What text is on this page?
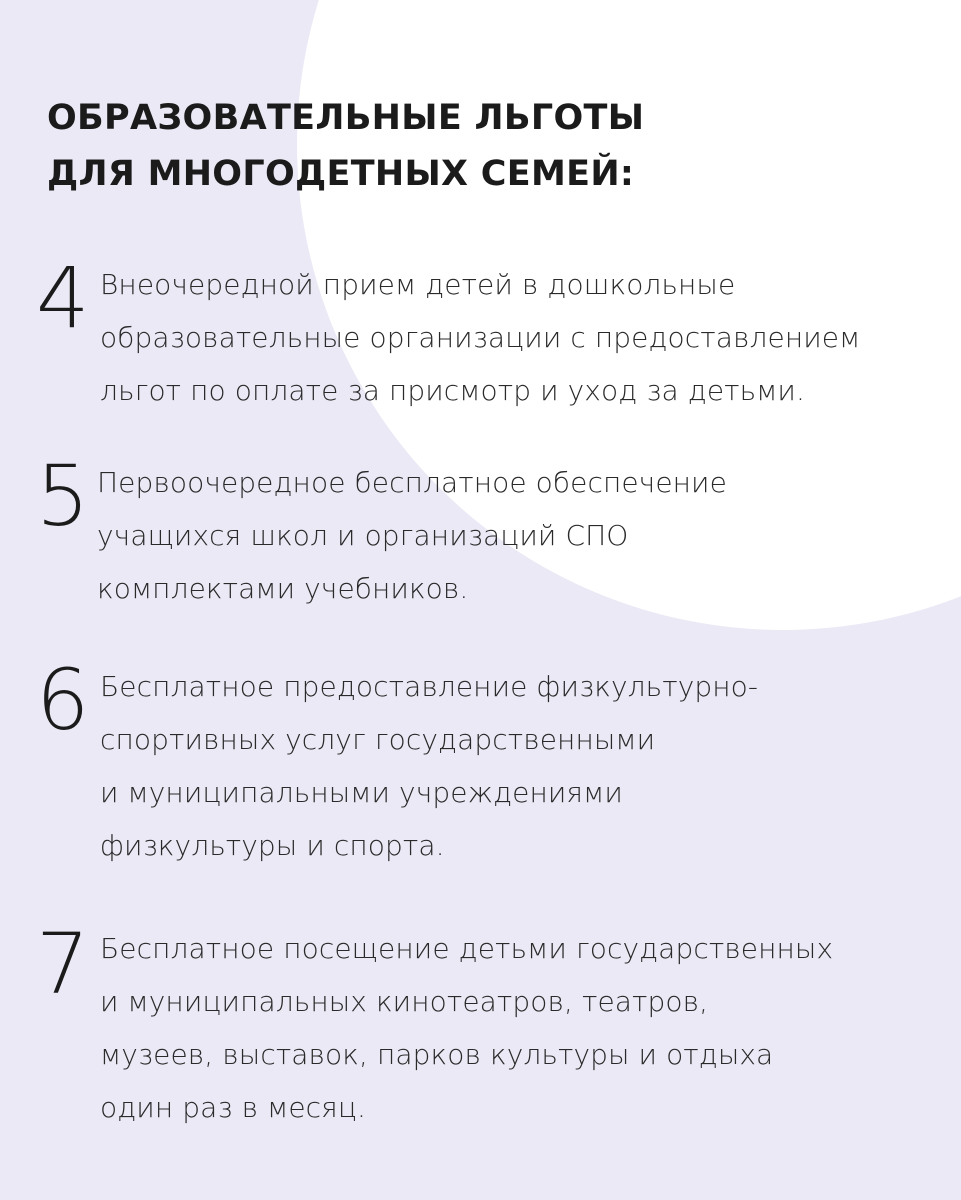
ОБРАЗОВАТЕЛЬНЫЕ ЛЬГОТЫ
ДЛЯ МНОГОДЕТНЫХ СЕМЕЙ:
4 Внеочередной прием детей в дошкольные
образовательные организации с предоставлением
льгот по оплате за присмотр и уход за детьми.
5 Первоочередное бесплатное обеспечение
учащихся школ и организаций СПО
комплектами учебников.
6 Бесплатное предоставление физкультурно-
спортивных услуг государственными
и муниципальными учреждениями
физкультуры и спорта.
7 Бесплатное посещение детьми государственных
и муниципальных кинотеатров, театров,
музеев, выставок, парков культуры и отдыха
один раз в месяц.
